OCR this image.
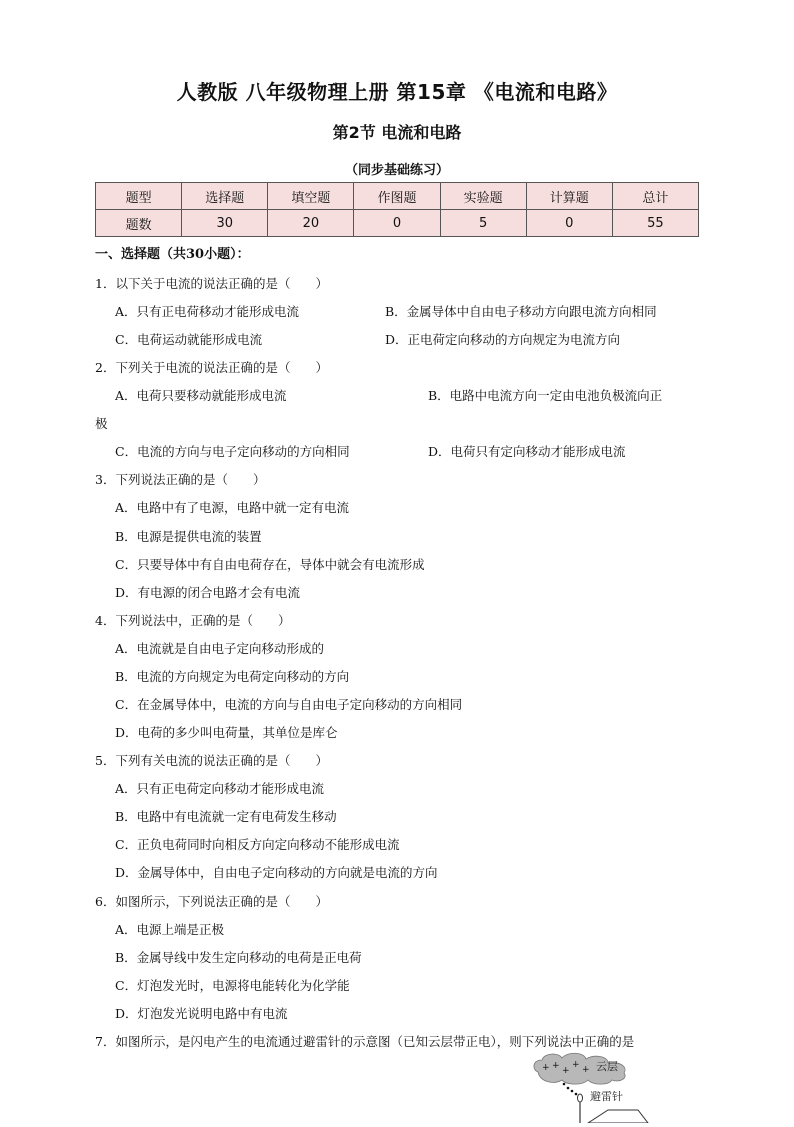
人教版 八年级物理上册 第15章 《电流和电路》
第2节 电流和电路
（同步基础练习）
题型	选择题	填空题	作图题	实验题	计算题	总计
题数	30	20	0	5	0	55
一、选择题（共30小题）：
1．以下关于电流的说法正确的是（　　）
A．只有正电荷移动才能形成电流	B．金属导体中自由电子移动方向跟电流方向相同
C．电荷运动就能形成电流	D．正电荷定向移动的方向规定为电流方向
2．下列关于电流的说法正确的是（　　）
A．电荷只要移动就能形成电流	B．电路中电流方向一定由电池负极流向正
极
C．电流的方向与电子定向移动的方向相同	D．电荷只有定向移动才能形成电流
3．下列说法正确的是（　　）
A．电路中有了电源，电路中就一定有电流
B．电源是提供电流的装置
C．只要导体中有自由电荷存在，导体中就会有电流形成
D．有电源的闭合电路才会有电流
4．下列说法中，正确的是（　　）
A．电流就是自由电子定向移动形成的
B．电流的方向规定为电荷定向移动的方向
C．在金属导体中，电流的方向与自由电子定向移动的方向相同
D．电荷的多少叫电荷量，其单位是库仑
5．下列有关电流的说法正确的是（　　）
A．只有正电荷定向移动才能形成电流
B．电路中有电流就一定有电荷发生移动
C．正负电荷同时向相反方向定向移动不能形成电流
D．金属导体中，自由电子定向移动的方向就是电流的方向
6．如图所示，下列说法正确的是（　　）
A．电源上端是正极
B．金属导线中发生定向移动的电荷是正电荷
C．灯泡发光时，电源将电能转化为化学能
D．灯泡发光说明电路中有电流
7．如图所示，是闪电产生的电流通过避雷针的示意图（已知云层带正电），则下列说法中正确的是
云层
+ + +
+ +
避雷针
